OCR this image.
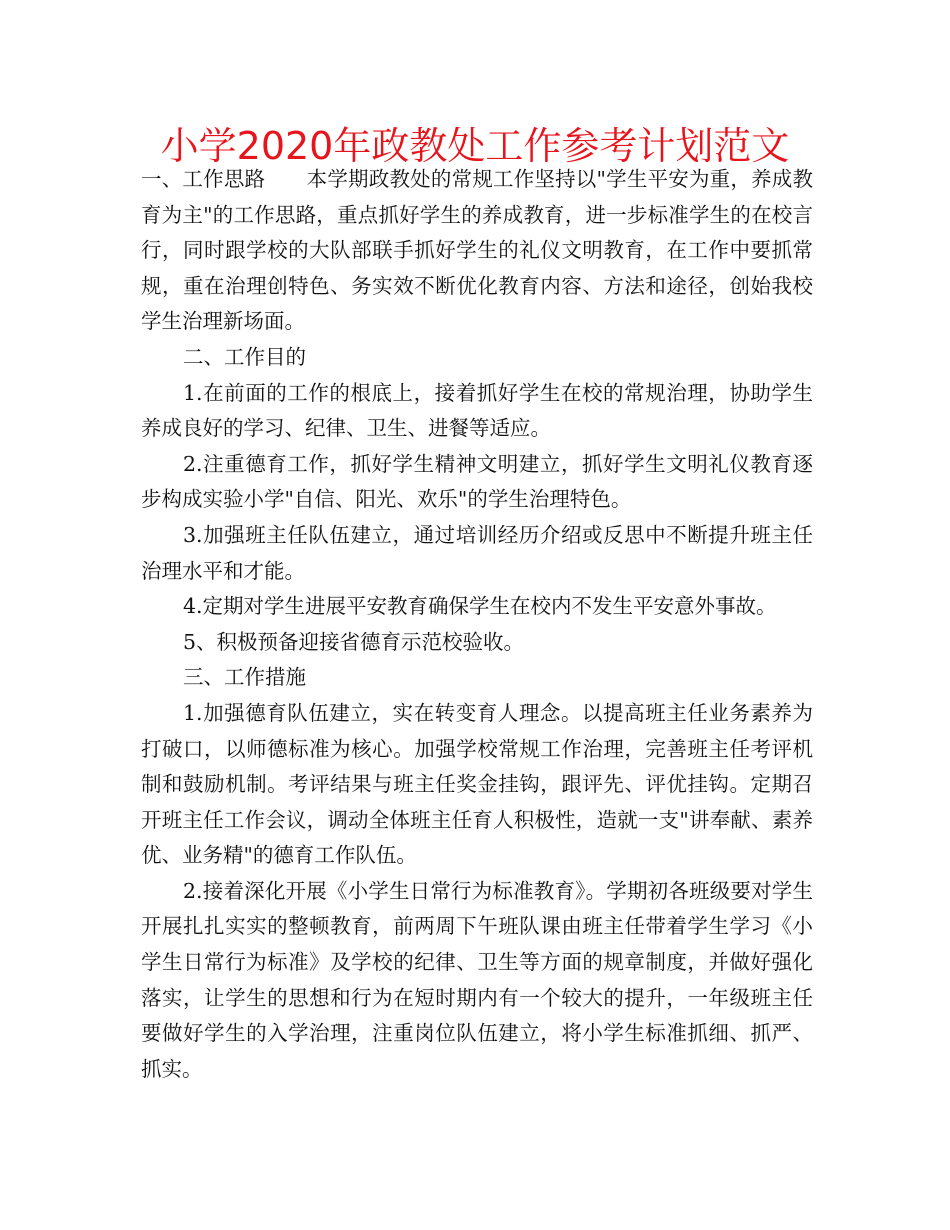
小学2020年政教处工作参考计划范文

一、工作思路　　本学期政教处的常规工作坚持以"学生平安为重，养成教育为主"的工作思路，重点抓好学生的养成教育，进一步标准学生的在校言行，同时跟学校的大队部联手抓好学生的礼仪文明教育，在工作中要抓常规，重在治理创特色、务实效不断优化教育内容、方法和途径，创始我校学生治理新场面。

二、工作目的

1.在前面的工作的根底上，接着抓好学生在校的常规治理，协助学生养成良好的学习、纪律、卫生、进餐等适应。

2.注重德育工作，抓好学生精神文明建立，抓好学生文明礼仪教育逐步构成实验小学"自信、阳光、欢乐"的学生治理特色。

3.加强班主任队伍建立，通过培训经历介绍或反思中不断提升班主任治理水平和才能。

4.定期对学生进展平安教育确保学生在校内不发生平安意外事故。

5、积极预备迎接省德育示范校验收。

三、工作措施

1.加强德育队伍建立，实在转变育人理念。以提高班主任业务素养为打破口，以师德标准为核心。加强学校常规工作治理，完善班主任考评机制和鼓励机制。考评结果与班主任奖金挂钩，跟评先、评优挂钩。定期召开班主任工作会议，调动全体班主任育人积极性，造就一支"讲奉献、素养优、业务精"的德育工作队伍。

2.接着深化开展《小学生日常行为标准教育》。学期初各班级要对学生开展扎扎实实的整顿教育，前两周下午班队课由班主任带着学生学习《小学生日常行为标准》及学校的纪律、卫生等方面的规章制度，并做好强化落实，让学生的思想和行为在短时期内有一个较大的提升，一年级班主任要做好学生的入学治理，注重岗位队伍建立，将小学生标准抓细、抓严、抓实。
